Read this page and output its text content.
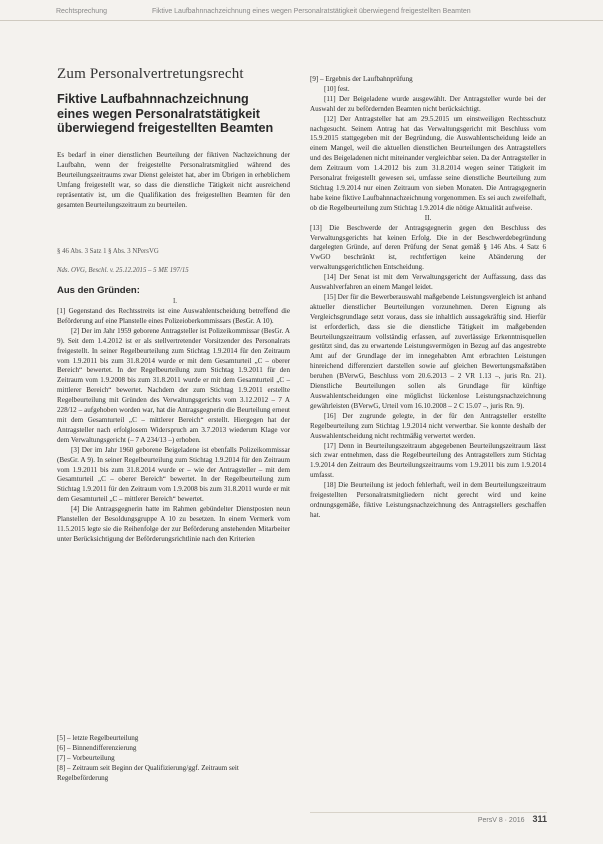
Rechtsprechung	Fiktive Laufbahnnachzeichnung eines wegen Personalratstätigkeit überwiegend freigestellten Beamten
Zum Personalvertretungsrecht
Fiktive Laufbahnnachzeichnung eines wegen Personalratstätigkeit überwiegend freigestellten Beamten
Es bedarf in einer dienstlichen Beurteilung der fiktiven Nachzeichnung der Laufbahn, wenn der freigestellte Personalratsmitglied während des Beurteilungszeitraums zwar Dienst geleistet hat, aber im Übrigen in erheblichem Umfang freigestellt war, so dass die dienstliche Tätigkeit nicht ausreichend repräsentativ ist, um die Qualifikation des freigestellten Beamten für den gesamten Beurteilungszeitraum zu beurteilen.
§ 46 Abs. 3 Satz 1 § Abs. 3 NPersVG
Nds. OVG, Beschl. v. 25.12.2015 – 5 ME 197/15
Aus den Gründen:
I.

[1] Gegenstand des Rechtsstreits ist eine Auswahlentscheidung betreffend die Beförderung auf eine Planstelle eines Polizeioberkommissars (BesGr. A 10).

[2] Der im Jahr 1959 geborene Antragsteller ist Polizeikommissar (BesGr. A 9). Seit dem 1.4.2012 ist er als stellvertretender Vorsitzender des Personalrats freigestellt. In seiner Regelbeurteilung zum Stichtag 1.9.2014 für den Zeitraum vom 1.9.2011 bis zum 31.8.2014 wurde er mit dem Gesamturteil „C – oberer Bereich“ bewertet. In der Regelbeurteilung zum Stichtag 1.9.2011 für den Zeitraum vom 1.9.2008 bis zum 31.8.2011 wurde er mit dem Gesamturteil „C – mittlerer Bereich“ bewertet. Nachdem der zum Stichtag 1.9.2011 erstellte Regelbeurteilung mit Gründen des Verwaltungsgerichts vom 3.12.2012 – 7 A 228/12 – aufgehoben worden war, hat die Antragsgegnerin die Beurteilung erneut mit dem Gesamturteil „C – mittlerer Bereich“ erstellt. Hiergegen hat der Antragsteller nach erfolglosem Widerspruch am 3.7.2013 wiederum Klage vor dem Verwaltungsgericht (– 7 A 234/13 –) erhoben.

[3] Der im Jahr 1960 geborene Beigeladene ist ebenfalls Polizeikommissar (BesGr. A 9). In seiner Regelbeurteilung zum Stichtag 1.9.2014 für den Zeitraum vom 1.9.2011 bis zum 31.8.2014 wurde er – wie der Antragsteller – mit dem Gesamturteil „C – oberer Bereich“ bewertet. In der Regelbeurteilung zum Stichtag 1.9.2011 für den Zeitraum vom 1.9.2008 bis zum 31.8.2011 wurde er mit dem Gesamturteil „C – mittlerer Bereich“ bewertet.

[4] Die Antragsgegnerin hatte im Rahmen gebündelter Dienstposten neun Planstellen der Besoldungsgruppe A 10 zu besetzen. In einem Vermerk vom 11.5.2015 legte sie die Reihenfolge der zur Beförderung anstehenden Mitarbeiter unter Berücksichtigung der Beförderungsrichtlinie nach den Kriterien

[5] – letzte Regelbeurteilung
[6] – Binnendifferenzierung
[7] – Vorbeurteilung
[8] – Zeitraum seit Beginn der Qualifizierung/ggf. Zeitraum seit Regelbeförderung

[9] – Ergebnis der Laufbahnprüfung

[10] fest.

[11] Der Beigeladene wurde ausgewählt. Der Antragsteller wurde bei der Auswahl der zu befördernden Beamten nicht berücksichtigt.

[12] Der Antragsteller hat am 29.5.2015 um einstweiligen Rechtsschutz nachgesucht. Seinem Antrag hat das Verwaltungsgericht mit Beschluss vom 15.9.2015 stattgegeben mit der Begründung, die Auswahlentscheidung leide an einem Mangel, weil die aktuellen dienstlichen Beurteilungen des Antragstellers und des Beigeladenen nicht miteinander vergleichbar seien. Da der Antragsteller in dem Zeitraum vom 1.4.2012 bis zum 31.8.2014 wegen seiner Tätigkeit im Personalrat freigestellt gewesen sei, umfasse seine dienstliche Beurteilung zum Stichtag 1.9.2014 nur einen Zeitraum von sieben Monaten. Die Antragsgegnerin habe keine fiktive Laufbahnnachzeichnung vorgenommen. Es sei auch zweifelhaft, ob die Regelbeurteilung zum Stichtag 1.9.2014 die nötige Aktualität aufweise.

II.

[13] Die Beschwerde der Antragsgegnerin gegen den Beschluss des Verwaltungsgerichts hat keinen Erfolg. Die in der Beschwerdebegründung dargelegten Gründe, auf deren Prüfung der Senat gemäß § 146 Abs. 4 Satz 6 VwGO beschränkt ist, rechtfertigen keine Abänderung der verwaltungsgerichtlichen Entscheidung.

[14] Der Senat ist mit dem Verwaltungsgericht der Auffassung, dass das Auswahlverfahren an einem Mangel leidet.

[15] Der für die Bewerberauswahl maßgebende Leistungsvergleich ist anhand aktueller dienstlicher Beurteilungen vorzunehmen. Deren Eignung als Vergleichsgrundlage setzt voraus, dass sie inhaltlich aussagekräftig sind. Hierfür ist erforderlich, dass sie die dienstliche Tätigkeit im maßgebenden Beurteilungszeitraum vollständig erfassen, auf zuverlässige Erkenntnisquellen gestützt sind, das zu erwartende Leistungsvermögen in Bezug auf das angestrebte Amt auf der Grundlage der im innegehabten Amt erbrachten Leistungen hinreichend differenziert darstellen sowie auf gleichen Bewertungsmaßstäben beruhen (BVerwG, Beschluss vom 20.6.2013 – 2 VR 1.13 –, juris Rn. 21). Dienstliche Beurteilungen sollen als Grundlage für künftige Auswahlentscheidungen eine möglichst lückenlose Leistungsnachzeichnung gewährleisten (BVerwG, Urteil vom 16.10.2008 – 2 C 15.07 –, juris Rn. 9).

[16] Der zugrunde gelegte, in der für den Antragsteller erstellte Regelbeurteilung zum Stichtag 1.9.2014 nicht verwertbar. Sie konnte deshalb der Auswahlentscheidung nicht rechtmäßig verwertet werden.

[17] Denn in Beurteilungszeitraum abgegebenen Beurteilungszeitraum lässt sich zwar entnehmen, dass die Regelbeurteilung des Antragstellers zum Stichtag 1.9.2014 den Zeitraum des Beurteilungszeitraums vom 1.9.2011 bis zum 1.9.2014 umfasst.

[18] Die Beurteilung ist jedoch fehlerhaft, weil in dem Beurteilungszeitraum freigestellten Personalratsmitgliedern nicht gerecht wird und keine ordnungsgemäße, fiktive Leistungsnachzeichnung des Antragstellers geschaffen hat.

PersV 8 · 2016 311
